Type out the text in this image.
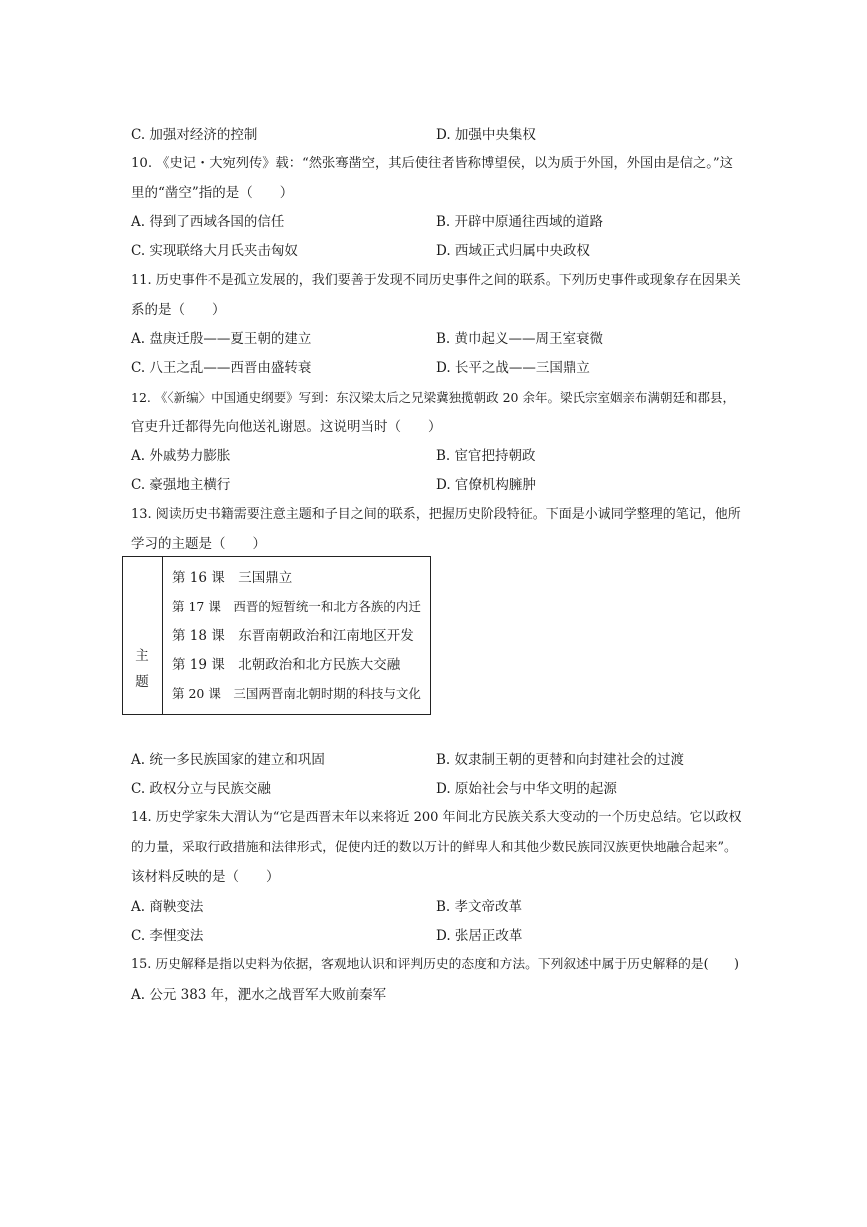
C. 加强对经济的控制	D. 加强中央集权
10. 《史记・大宛列传》载：“然张骞凿空，其后使往者皆称博望侯，以为质于外国，外国由是信之。”这
里的“凿空”指的是（　　）
A. 得到了西域各国的信任	B. 开辟中原通往西域的道路
C. 实现联络大月氏夹击匈奴	D. 西域正式归属中央政权
11. 历史事件不是孤立发展的，我们要善于发现不同历史事件之间的联系。下列历史事件或现象存在因果关
系的是（　　）
A. 盘庚迁殷——夏王朝的建立	B. 黄巾起义——周王室衰微
C. 八王之乱——西晋由盛转衰	D. 长平之战——三国鼎立
12. 《〈新编〉中国通史纲要》写到：东汉梁太后之兄梁冀独揽朝政 20 余年。梁氏宗室姻亲布满朝廷和郡县，
官吏升迁都得先向他送礼谢恩。这说明当时（　　）
A. 外戚势力膨胀	B. 宦官把持朝政
C. 豪强地主横行	D. 官僚机构臃肿
13. 阅读历史书籍需要注意主题和子目之间的联系，把握历史阶段特征。下面是小诚同学整理的笔记，他所
学习的主题是（　　）
主题
第 16 课　三国鼎立
第 17 课　西晋的短暂统一和北方各族的内迁
第 18 课　东晋南朝政治和江南地区开发
第 19 课　北朝政治和北方民族大交融
第 20 课　三国两晋南北朝时期的科技与文化
A. 统一多民族国家的建立和巩固	B. 奴隶制王朝的更替和向封建社会的过渡
C. 政权分立与民族交融	D. 原始社会与中华文明的起源
14. 历史学家朱大渭认为“它是西晋末年以来将近 200 年间北方民族关系大变动的一个历史总结。它以政权
的力量，采取行政措施和法律形式，促使内迁的数以万计的鲜卑人和其他少数民族同汉族更快地融合起来”。
该材料反映的是（　　）
A. 商鞅变法	B. 孝文帝改革
C. 李悝变法	D. 张居正改革
15. 历史解释是指以史料为依据，客观地认识和评判历史的态度和方法。下列叙述中属于历史解释的是(　　)
A. 公元 383 年，淝水之战晋军大败前秦军
